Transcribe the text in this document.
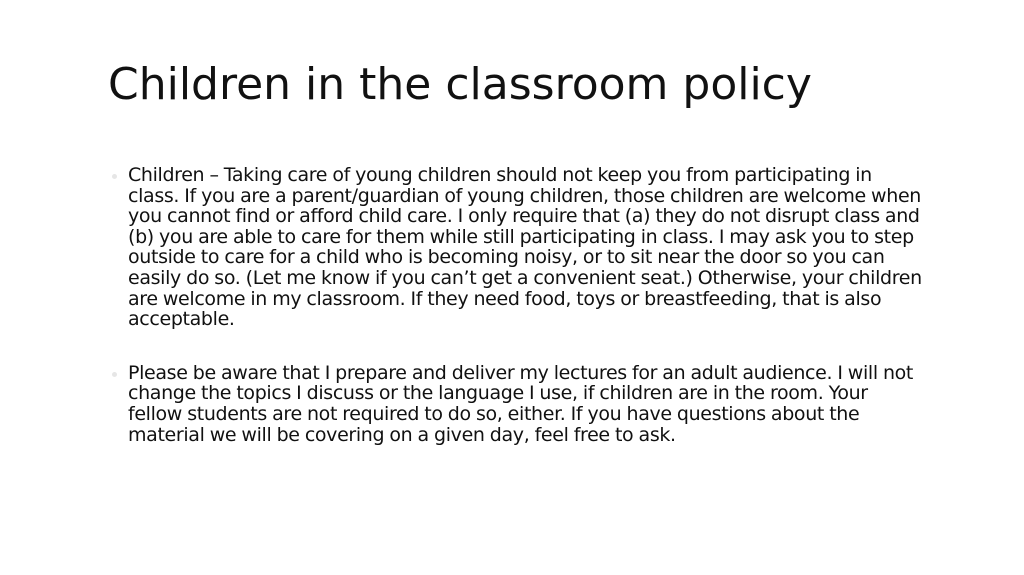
Children in the classroom policy
Children – Taking care of young children should not keep you from participating in class. If you are a parent/guardian of young children, those children are welcome when you cannot find or afford child care. I only require that (a) they do not disrupt class and (b) you are able to care for them while still participating in class. I may ask you to step outside to care for a child who is becoming noisy, or to sit near the door so you can easily do so. (Let me know if you can’t get a convenient seat.) Otherwise, your children are welcome in my classroom. If they need food, toys or breastfeeding, that is also acceptable.
Please be aware that I prepare and deliver my lectures for an adult audience. I will not change the topics I discuss or the language I use, if children are in the room. Your fellow students are not required to do so, either. If you have questions about the material we will be covering on a given day, feel free to ask.
